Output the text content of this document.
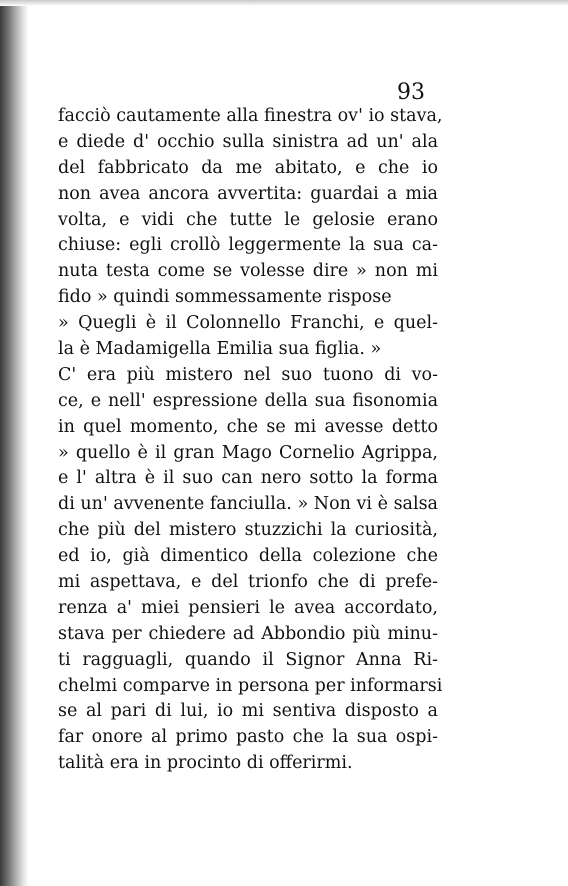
93
facciò cautamente alla finestra ov' io stava,
e diede d' occhio sulla sinistra ad un' ala
del fabbricato da me abitato, e che io
non avea ancora avvertita: guardai a mia
volta, e vidi che tutte le gelosie erano
chiuse: egli crollò leggermente la sua ca-
nuta testa come se volesse dire » non mi
fido » quindi sommessamente rispose
» Quegli è il Colonnello Franchi, e quel-
la è Madamigella Emilia sua figlia. »
C' era più mistero nel suo tuono di vo-
ce, e nell' espressione della sua fisonomia
in quel momento, che se mi avesse detto
» quello è il gran Mago Cornelio Agrippa,
e l' altra è il suo can nero sotto la forma
di un' avvenente fanciulla. » Non vi è salsa
che più del mistero stuzzichi la curiosità,
ed io, già dimentico della colezione che
mi aspettava, e del trionfo che di prefe-
renza a' miei pensieri le avea accordato,
stava per chiedere ad Abbondio più minu-
ti ragguagli, quando il Signor Anna Ri-
chelmi comparve in persona per informarsi
se al pari di lui, io mi sentiva disposto a
far onore al primo pasto che la sua ospi-
talità era in procinto di offerirmi.
